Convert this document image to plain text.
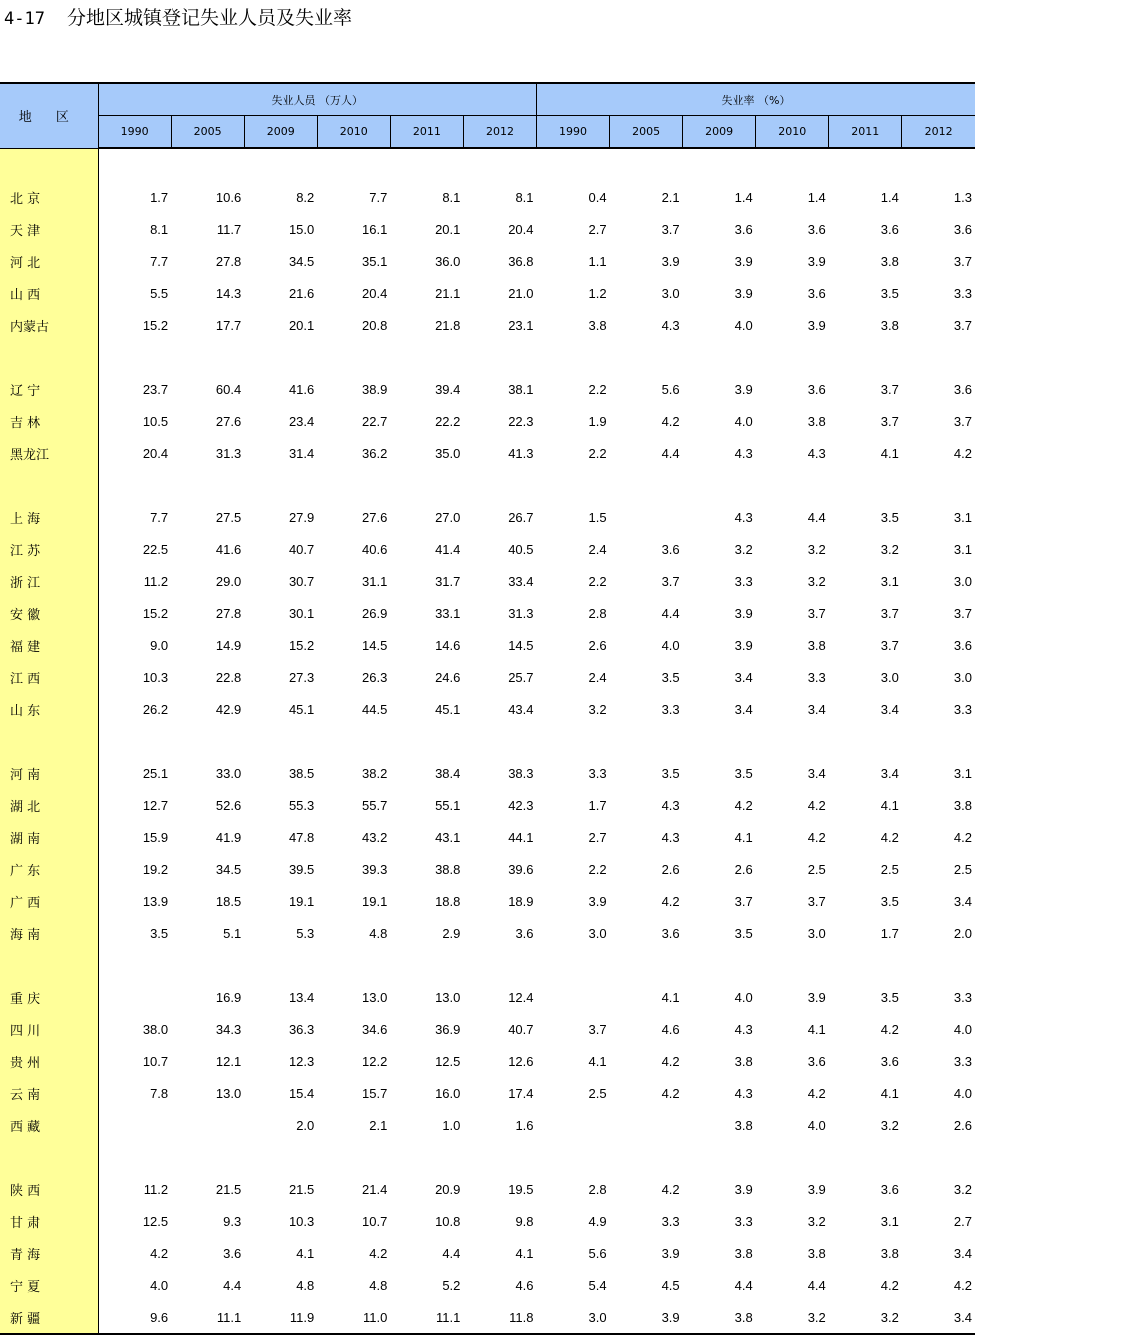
4-17 分地区城镇登记失业人员及失业率
地 区	失业人员 （万人）						失业率 （%）					
	1990	2005	2009	2010	2011	2012	1990	2005	2009	2010	2011	2012

北 京	1.7	10.6	8.2	7.7	8.1	8.1	0.4	2.1	1.4	1.4	1.4	1.3
天 津	8.1	11.7	15.0	16.1	20.1	20.4	2.7	3.7	3.6	3.6	3.6	3.6
河 北	7.7	27.8	34.5	35.1	36.0	36.8	1.1	3.9	3.9	3.9	3.8	3.7
山 西	5.5	14.3	21.6	20.4	21.1	21.0	1.2	3.0	3.9	3.6	3.5	3.3
内蒙古	15.2	17.7	20.1	20.8	21.8	23.1	3.8	4.3	4.0	3.9	3.8	3.7

辽 宁	23.7	60.4	41.6	38.9	39.4	38.1	2.2	5.6	3.9	3.6	3.7	3.6
吉 林	10.5	27.6	23.4	22.7	22.2	22.3	1.9	4.2	4.0	3.8	3.7	3.7
黑龙江	20.4	31.3	31.4	36.2	35.0	41.3	2.2	4.4	4.3	4.3	4.1	4.2

上 海	7.7	27.5	27.9	27.6	27.0	26.7	1.5		4.3	4.4	3.5	3.1
江 苏	22.5	41.6	40.7	40.6	41.4	40.5	2.4	3.6	3.2	3.2	3.2	3.1
浙 江	11.2	29.0	30.7	31.1	31.7	33.4	2.2	3.7	3.3	3.2	3.1	3.0
安 徽	15.2	27.8	30.1	26.9	33.1	31.3	2.8	4.4	3.9	3.7	3.7	3.7
福 建	9.0	14.9	15.2	14.5	14.6	14.5	2.6	4.0	3.9	3.8	3.7	3.6
江 西	10.3	22.8	27.3	26.3	24.6	25.7	2.4	3.5	3.4	3.3	3.0	3.0
山 东	26.2	42.9	45.1	44.5	45.1	43.4	3.2	3.3	3.4	3.4	3.4	3.3

河 南	25.1	33.0	38.5	38.2	38.4	38.3	3.3	3.5	3.5	3.4	3.4	3.1
湖 北	12.7	52.6	55.3	55.7	55.1	42.3	1.7	4.3	4.2	4.2	4.1	3.8
湖 南	15.9	41.9	47.8	43.2	43.1	44.1	2.7	4.3	4.1	4.2	4.2	4.2
广 东	19.2	34.5	39.5	39.3	38.8	39.6	2.2	2.6	2.6	2.5	2.5	2.5
广 西	13.9	18.5	19.1	19.1	18.8	18.9	3.9	4.2	3.7	3.7	3.5	3.4
海 南	3.5	5.1	5.3	4.8	2.9	3.6	3.0	3.6	3.5	3.0	1.7	2.0

重 庆		16.9	13.4	13.0	13.0	12.4		4.1	4.0	3.9	3.5	3.3
四 川	38.0	34.3	36.3	34.6	36.9	40.7	3.7	4.6	4.3	4.1	4.2	4.0
贵 州	10.7	12.1	12.3	12.2	12.5	12.6	4.1	4.2	3.8	3.6	3.6	3.3
云 南	7.8	13.0	15.4	15.7	16.0	17.4	2.5	4.2	4.3	4.2	4.1	4.0
西 藏			2.0	2.1	1.0	1.6			3.8	4.0	3.2	2.6

陕 西	11.2	21.5	21.5	21.4	20.9	19.5	2.8	4.2	3.9	3.9	3.6	3.2
甘 肃	12.5	9.3	10.3	10.7	10.8	9.8	4.9	3.3	3.3	3.2	3.1	2.7
青 海	4.2	3.6	4.1	4.2	4.4	4.1	5.6	3.9	3.8	3.8	3.8	3.4
宁 夏	4.0	4.4	4.8	4.8	5.2	4.6	5.4	4.5	4.4	4.4	4.2	4.2
新 疆	9.6	11.1	11.9	11.0	11.1	11.8	3.0	3.9	3.8	3.2	3.2	3.4
